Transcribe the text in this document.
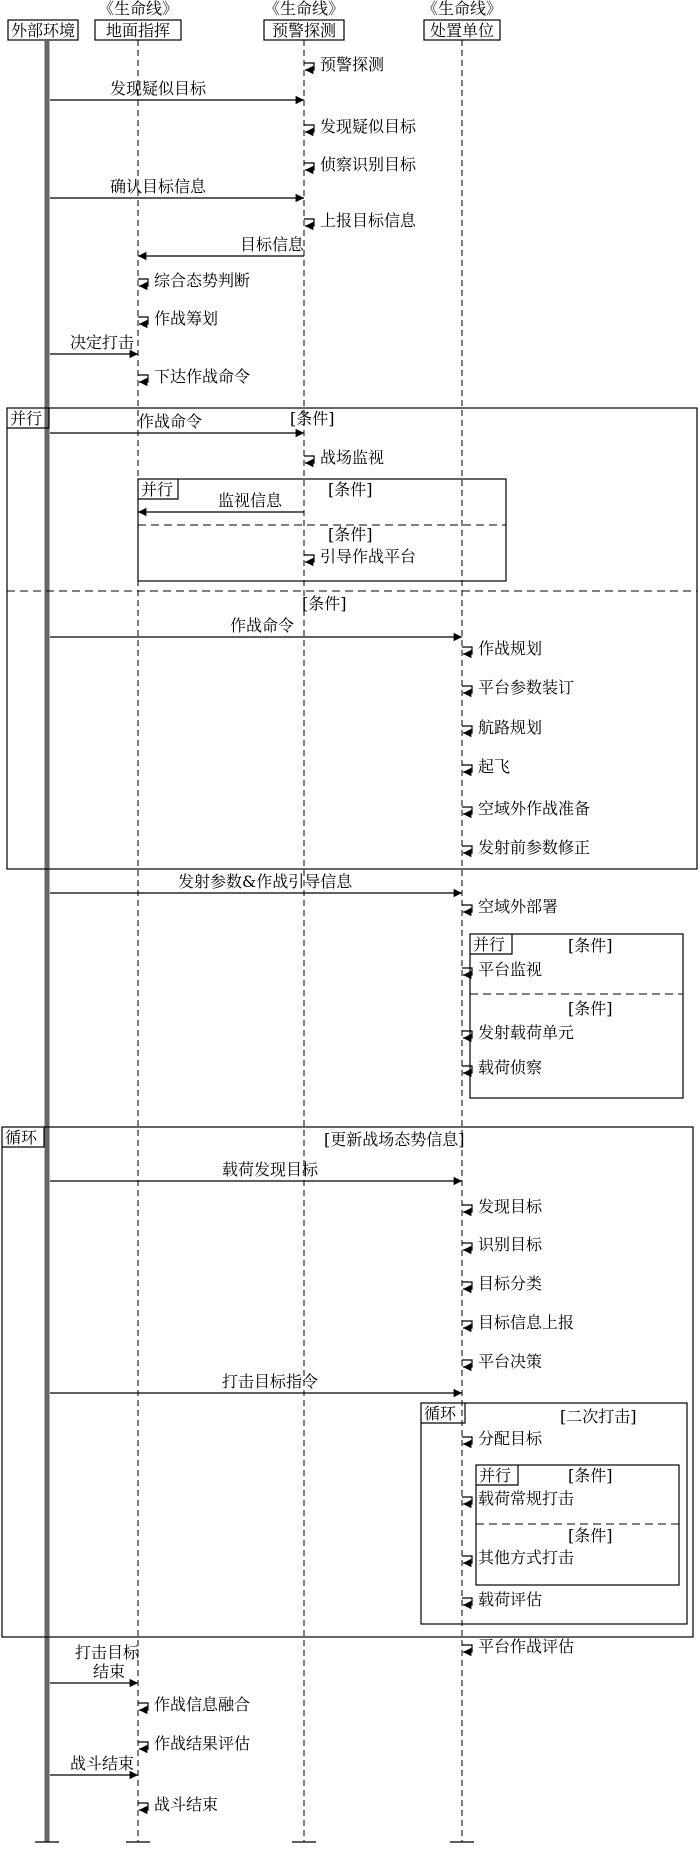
外部环境
《生命线》
地面指挥
《生命线》
预警探测
《生命线》
处置单位
并行	[条件]
[条件]
并行	[条件]
[条件]
并行	[条件]
[条件]
循环	[更新战场态势信息]
循环	[二次打击]
并行	[条件]
[条件]
预警探测
发现疑似目标
发现疑似目标
侦察识别目标
确认目标信息
上报目标信息
目标信息
综合态势判断
作战筹划
决定打击
下达作战命令
作战命令
战场监视
监视信息
引导作战平台
作战命令
作战规划
平台参数装订
航路规划
起飞
空域外作战准备
发射前参数修正
发射参数&作战引导信息
空域外部署
平台监视
发射载荷单元
载荷侦察
载荷发现目标
发现目标
识别目标
目标分类
目标信息上报
平台决策
打击目标指令
分配目标
载荷常规打击
其他方式打击
载荷评估
平台作战评估
打击目标结束
作战信息融合
作战结果评估
战斗结束
战斗结束
